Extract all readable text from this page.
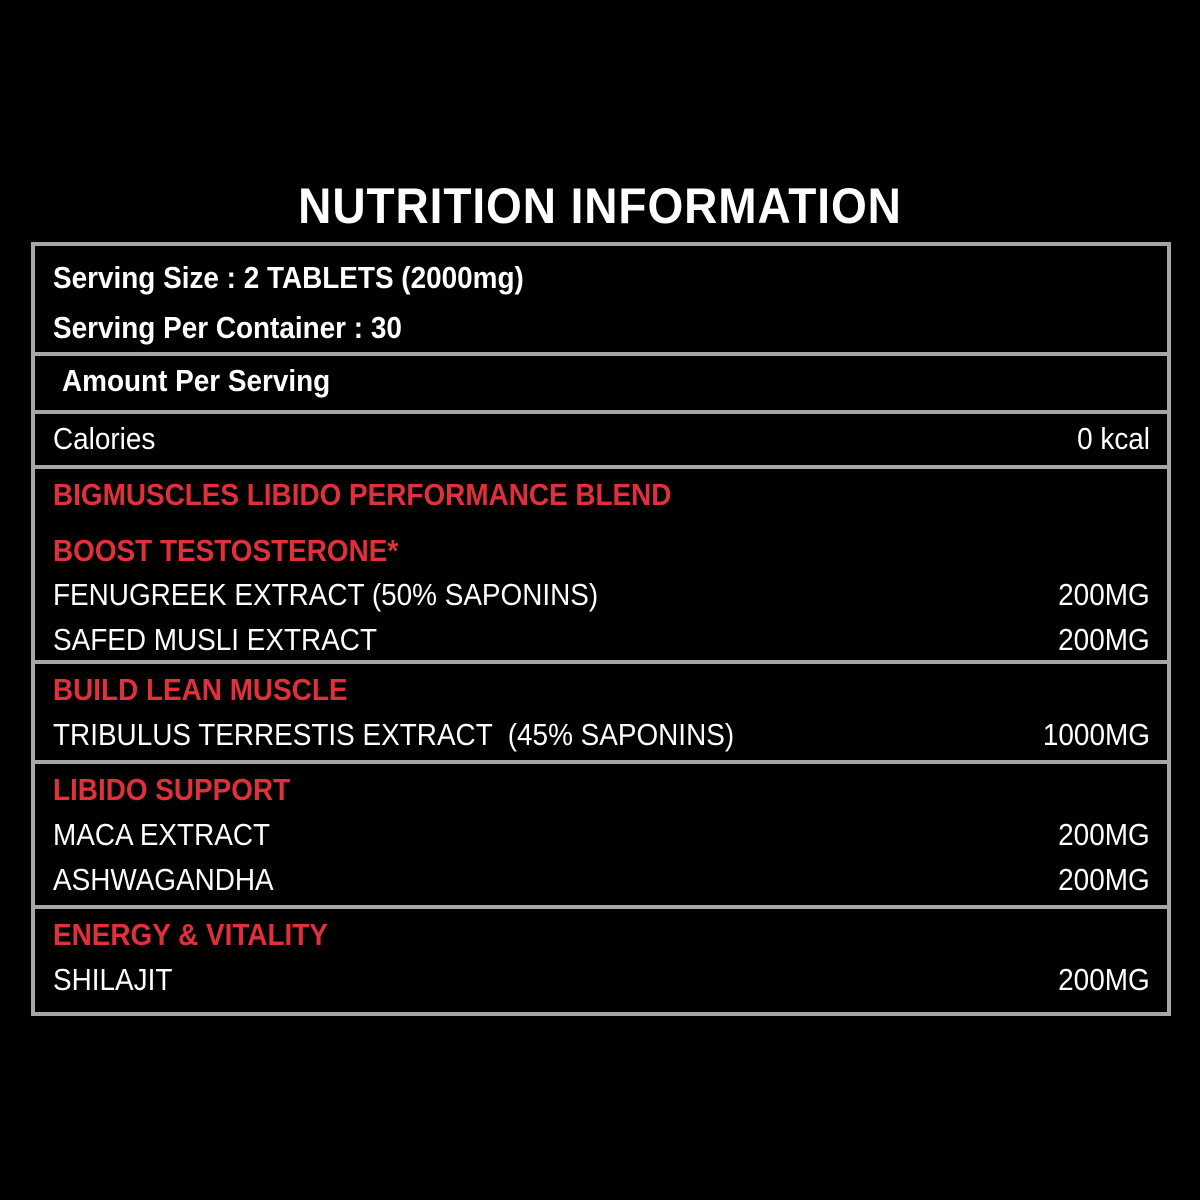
NUTRITION INFORMATION
Serving Size : 2 TABLETS (2000mg)
Serving Per Container : 30
Amount Per Serving
Calories	0 kcal
BIGMUSCLES LIBIDO PERFORMANCE BLEND
BOOST TESTOSTERONE*
FENUGREEK EXTRACT (50% SAPONINS)	200MG
SAFED MUSLI EXTRACT	200MG
BUILD LEAN MUSCLE
TRIBULUS TERRESTIS EXTRACT  (45% SAPONINS)	1000MG
LIBIDO SUPPORT
MACA EXTRACT	200MG
ASHWAGANDHA	200MG
ENERGY & VITALITY
SHILAJIT	200MG
